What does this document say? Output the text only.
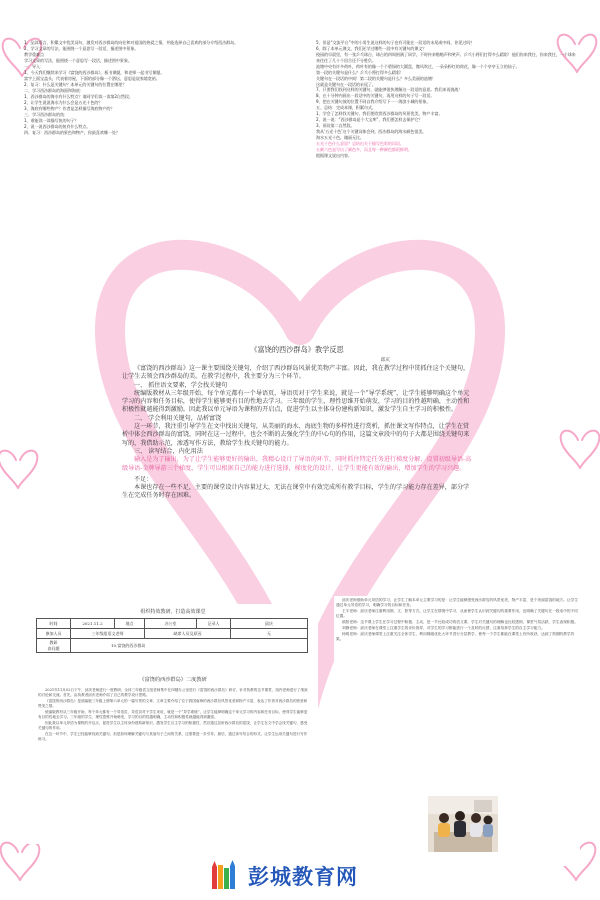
1、品读语言，积累文中优美词句，激发对西沙群岛的向往和对祖国的热爱之情，并能选择自己喜欢的部分介绍西沙群岛。

2、学习文章的写法，能围绕一个意思写一段话，描述图中景象。

教学重难点

学习文章的写法，能围绕一个意思写一段话，描述图中景象。

一、导入：

1、今天我们继续来学习《富饶的西沙群岛》，板书课题，和老师一起书写课题。

富字上面宝盖头，代表着房屋，下面的部分像一个酒坛，意思是说家境宽裕。

2、复习：什么是关键句？本单元的关键句的位置在哪里？

二、学习西沙群岛的海面和海底：

1、西沙群岛的海水有什么特点？请同学们读一读第2自然段。

2、让学生说说海水为什么会是五光十色的？

3、海底有哪些物产？作者是怎样描写海底物产的？

三、学习西沙群岛的鱼：

1、谁能读一读描写鱼的句子？

2、说一说西沙群岛的鱼有什么特点。

四、复习：西沙群岛的景色和物产，你最喜欢哪一处？

5、但是“交流平台”中的小男生说这样的句子也有可能在一段话的末尾或中间，你见过吗？

6、除了本单元课文，我们还学过哪些一段中有关键句的课文？

校园的早晨里，有一张乒乓球台，球台的四周围满了同学，不时传来啪啪声和笑声。乒乓小将们打得多么精彩！他们你来我往，你来我往，一个球来来往往了几十个回合还不分胜负。

池塘中央有许多荷叶，荷叶有的像一个个碧绿的大圆盘，微风吹过，一朵朵粉红的荷花，像一个个亭亭玉立的仙子。

第一段的关键句是什么？乒乓小将打得多么精彩！

关键句在一段话的中间！第二段的关键句是什么？多么美丽的池塘！

这就是关键句在一段话的末尾了。

7、只要我们找到这样的关键句，就能够很快理解这一段话的意思。我们来再挑战！

8、在十分钟内画出一段话中的关键句，再用这样的句子写一段话。

9、把在关键句放的位置不同自我介绍写下一一海滨小城的景象。

五、总结：完成本课，积累句式。

1、学会了怎样找关键句，我们要欣赏西沙群岛的风景优美，物产丰富。

2、说一说：“西沙群岛是个大宝库”，我们要怎样去保护它？

3、预设第二自然段。

我从‘五光十色’这个关键词体会到，西沙群岛的海水颜色很美。

海水五光十色，瑰丽无比。

五光十色什么意思？总结出关于描写色彩的词语。

五颜六色是写出了颜色多，而且每一种颜色都很鲜明。

根据课文说出内容。

《富饶的西沙群岛》教学反思
邱庆

《富饶的西沙群岛》这一课主要围绕关键句，介绍了西沙群岛风景优美物产丰富。因此，我在教学过程中贯抓住这个关键句，让学生去领会西沙群岛的美。在教学过程中，我主要分为三个环节。

一、 抓住语文要素，学会找关键句

统编版教材从三年级开始，每个单元都有一个导语页，导语页对于学生来说，就是一个“导学系统”，让学生能够明确这个单元学习的内容和任务目标，使得学生能够更有目的性地去学习。三年级的学生，理性思维开始萌发，学习的目的性越明确，主动性和积极性就越能得到激励。因此我以单元导语为课程的开启点，促进学生以主体身份建构新知识，激发学生自主学习的积极性。

二、 学会利用关键句，品析富饶

这一环节，我注重引导学生在文中找出关键句，从美丽的海水、海底生物的多样性进行赏析，抓住课文写作特点，让学生在赏析中体会西沙群岛的富饶，同时在这一过程中，也会不断的去强化学生的中心句的作用，这篇文章段中的句子大都是围绕关键句来写的，我借助示范，渗透写作方法，教给学生找关键句的能力。

三、 读写结合，内化用法

输入是为了输出，为了让学生能够更好的输出，我精心设计了导语的环节，同时抓住特定任务进行梯度分解，设置初级导语-高级导语-金牌导游三个梯度，学生可以根据自己的能力进行选择，梯度化的设计，让学生更能有效的输出，增加学生的学习兴趣。

不足：

本课也存在一些不足，主要的课堂设计内容量过大，无法在课堂中有效完成所有教学目标，学生的学习能力存在差异，部分学生在完成任务时存在困难。

组织特效教研、打造高效课堂
时间	2021.11.2	地点	办公室	记录人	邱庆
参加人员	三年级组语文老师		缺席人员及原因		无
教研
真问题	10.富饶的西沙群岛				
《富饶的西沙群岛》二度教研

2021年11月02日下午，邱庆老师进行一度教研，全体三年级语文组老师集中在四楼办公室进行《富饶的西沙群岛》研讨，针对执教的这节课堂，组内老师进行了细致的讨论和交流。首先，由执教者邱庆老师介绍了自己的教学设计思路。

《富饶的西沙群岛》是部编版三年级上册第六单元的一篇写景的文章，文章主要介绍了位于我国南海的西沙群岛风景优美和物产丰富，表达了作者对西沙群岛的热爱和赞美之情。

统编版教材从三年级开始，每个单元都有一个导语页，导语页对于学生来说，就是一个“导学系统”，让学生能够明确这个单元学习的内容和任务目标，使得学生能够更有目的性地去学习。三年级的学生，理性思维开始萌发，学习的目的性越明确，主动性和积极性就越能得到激励。

因此我以单元导语为课程的开启点，促进学生以主体身份建构新知识，激发学生自主学习的积极性，然后通过品析西沙群岛的富饶，让学生在文中学会找关键句，感受关键句的作用。

在这一环节中，学生已经能够找到关键句，但是如何理解关键句与其他句子之间的关系，还需要进一步引导。最后，通过读写结合的形式，让学生运用关键句进行写作练习。

邱庆老师借助单元导语的学习，让学生了解本单元主要学习的是：让学生能够感受西沙群岛的风景优美，物产丰富，是个美丽富饶的地方。让学生通过单元导语的学习，明确学习的目标和任务。

王宇老师：邱庆老师注重利用图、文、影等方式，让学生在情境中学习，从而使学生认识到关键句的重要作用，也明确了关键句在一段话中的不同位置。

欧阳老师：这节课上学生在学习过程中积极、主动，是一节比较成功的语文课，学生对关键句的理解也比较透彻，课堂气氛活跃，学生表现积极。

刘静老师：邱庆老师在课堂上注重学生的评价指导，对学生的学习都能进行一个及时的反馈，注重培养学生的自主学习能力。

杨明老师：邱庆老师课堂上注重关注全体学生，利用梯级优化大环节进行分层教学，使每一个学生都能在课堂上有所收获，达到了预期的教学效果。

彭城教育网
